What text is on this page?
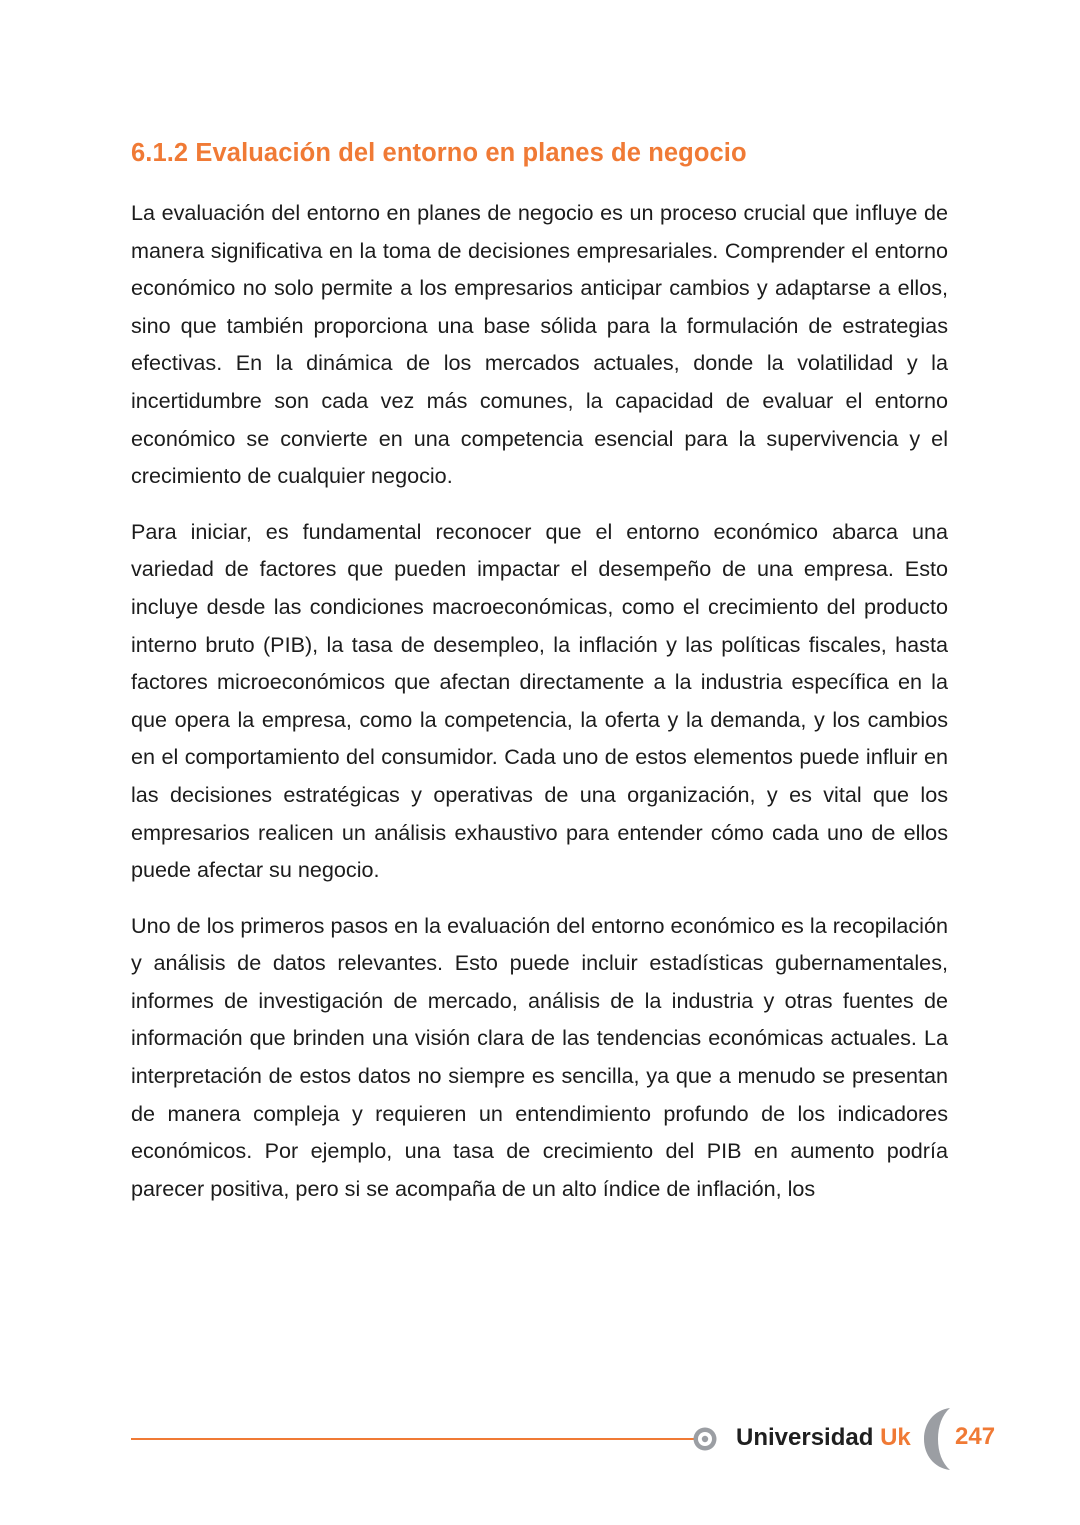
6.1.2 Evaluación del entorno en planes de negocio

La evaluación del entorno en planes de negocio es un proceso crucial que influye de manera significativa en la toma de decisiones empresariales. Comprender el entorno económico no solo permite a los empresarios anticipar cambios y adaptarse a ellos, sino que también proporciona una base sólida para la formulación de estrategias efectivas. En la dinámica de los mercados actuales, donde la volatilidad y la incertidumbre son cada vez más comunes, la capacidad de evaluar el entorno económico se convierte en una competencia esencial para la supervivencia y el crecimiento de cualquier negocio.

Para iniciar, es fundamental reconocer que el entorno económico abarca una variedad de factores que pueden impactar el desempeño de una empresa. Esto incluye desde las condiciones macroeconómicas, como el crecimiento del producto interno bruto (PIB), la tasa de desempleo, la inflación y las políticas fiscales, hasta factores microeconómicos que afectan directamente a la industria específica en la que opera la empresa, como la competencia, la oferta y la demanda, y los cambios en el comportamiento del consumidor. Cada uno de estos elementos puede influir en las decisiones estratégicas y operativas de una organización, y es vital que los empresarios realicen un análisis exhaustivo para entender cómo cada uno de ellos puede afectar su negocio.

Uno de los primeros pasos en la evaluación del entorno económico es la recopilación y análisis de datos relevantes. Esto puede incluir estadísticas gubernamentales, informes de investigación de mercado, análisis de la industria y otras fuentes de información que brinden una visión clara de las tendencias económicas actuales. La interpretación de estos datos no siempre es sencilla, ya que a menudo se presentan de manera compleja y requieren un entendimiento profundo de los indicadores económicos. Por ejemplo, una tasa de crecimiento del PIB en aumento podría parecer positiva, pero si se acompaña de un alto índice de inflación, los

Universidad Uk 247
